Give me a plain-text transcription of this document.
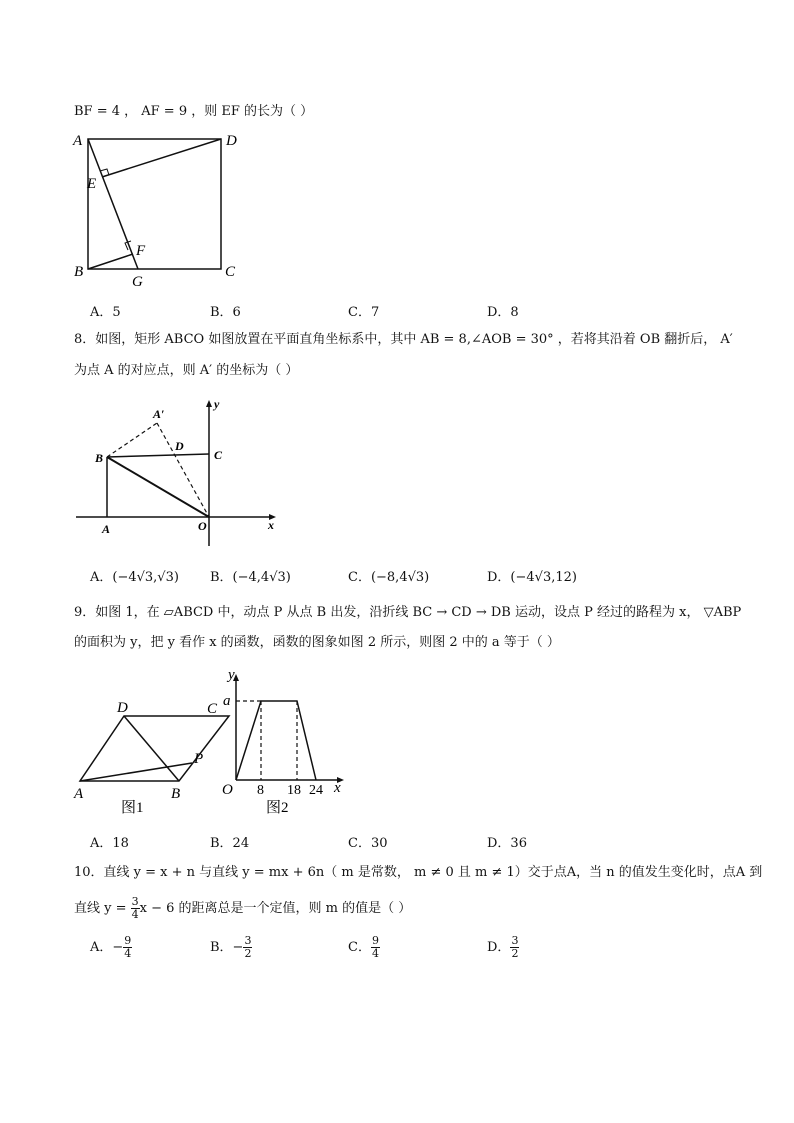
BF = 4 ， AF = 9 ，则 EF 的长为（ ）
A	D
E
F
B
G
C
A．5	B．6	C．7	D．8
8．如图，矩形 ABCO 如图放置在平面直角坐标系中，其中 AB = 8,∠AOB = 30° ，若将其沿着 OB 翻折后， A′
为点 A 的对应点，则 A′ 的坐标为（ ）
A′
D
B	C
A	O	x
y
A．(−4√3,√3) B．(−4,4√3)	C．(−8,4√3)	D．(−4√3,12)
9．如图 1，在 ▱ABCD 中，动点 P 从点 B 出发，沿折线 BC → CD → DB 运动，设点 P 经过的路程为 x， ▽ABP
的面积为 y，把 y 看作 x 的函数，函数的图象如图 2 所示，则图 2 中的 a 等于（ ）
D	C
P
A	B
图1
y
a
O 8 18 24 x
图2
A．18	B．24	C．30	D．36
10．直线 y = x + n 与直线 y = mx + 6n（ m 是常数， m ≠ 0 且 m ≠ 1）交于点A，当 n 的值发生变化时，点A 到
直线 $y = \frac{3}{4}$ x − 6 的距离总是一个定值，则 m 的值是（ ）
A．− $\frac{9}{4}$	B．− $\frac{3}{2}$	C． $\frac{9}{4}$	D． $\frac{3}{2}$
